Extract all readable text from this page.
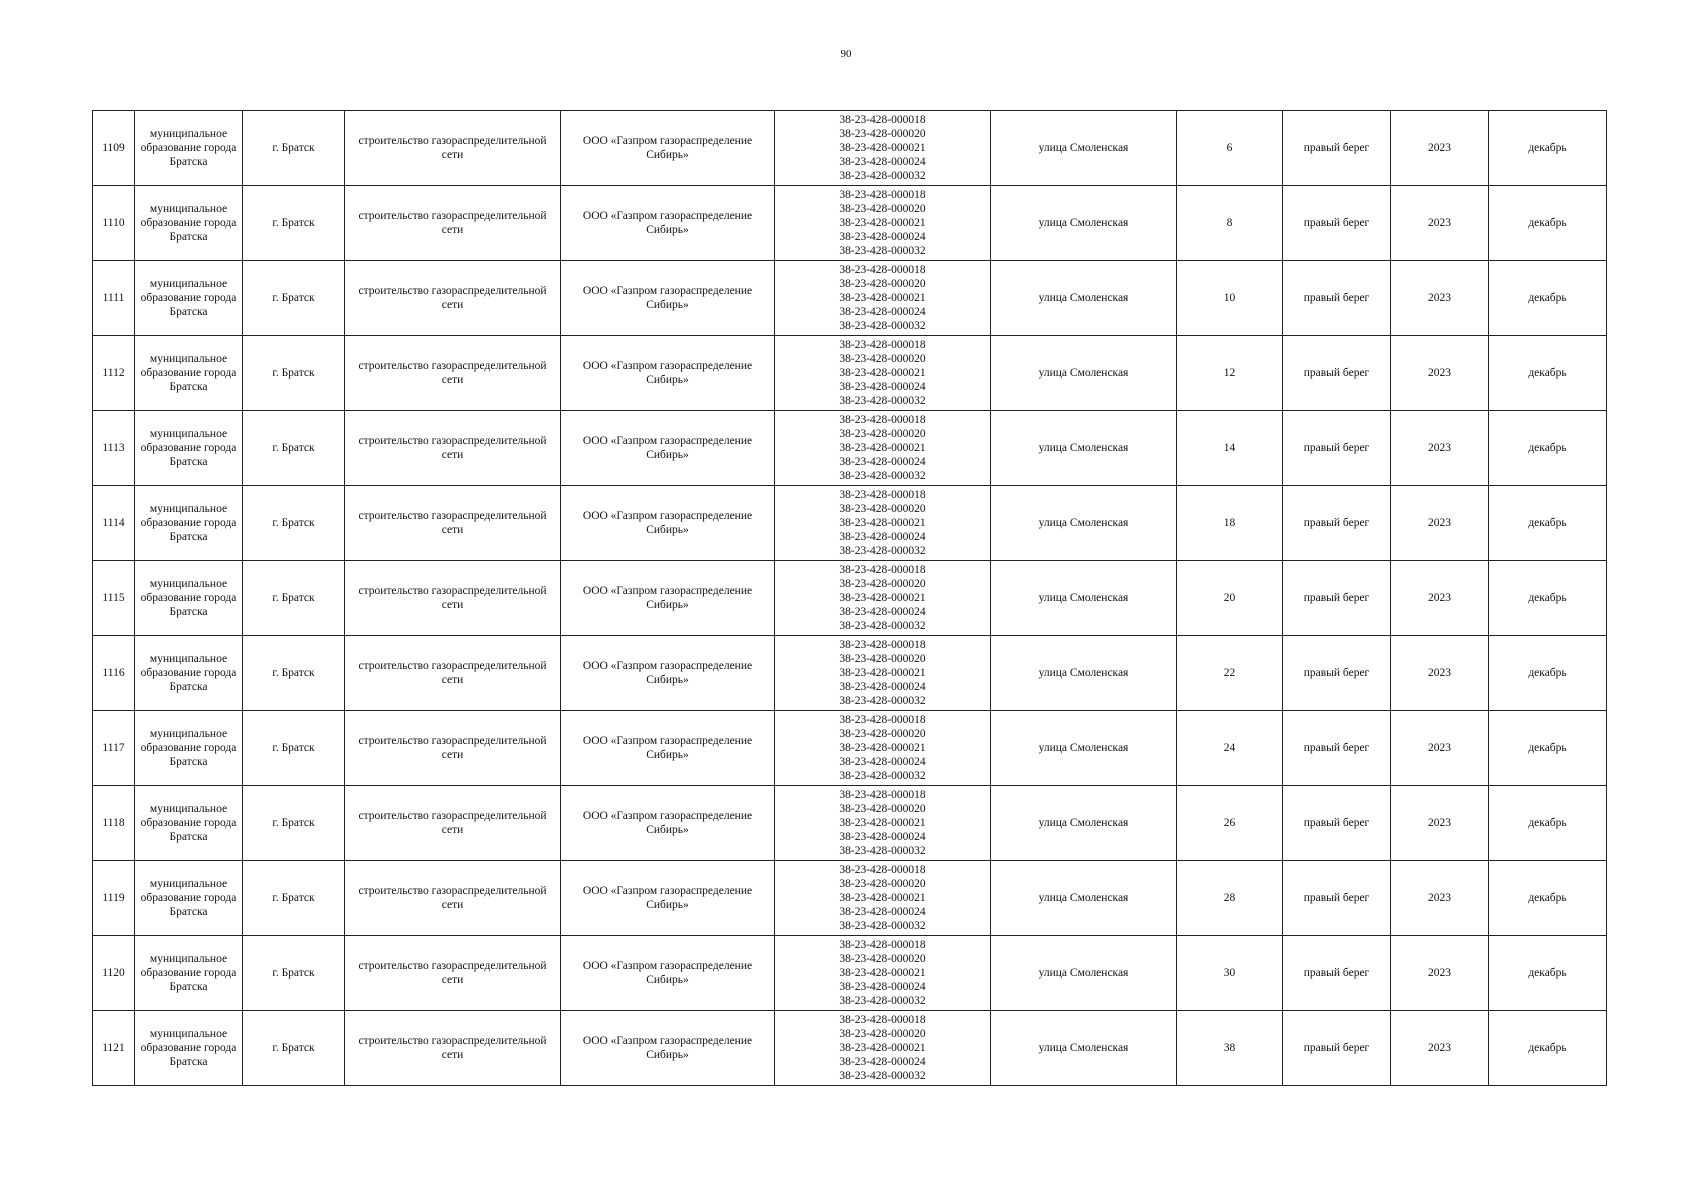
90
1109	муниципальное образование города Братска	г. Братск	строительство газораспределительной сети	ООО «Газпром газораспределение Сибирь»	38-23-428-000018
38-23-428-000020
38-23-428-000021
38-23-428-000024
38-23-428-000032	улица Смоленская	6	правый берег	2023	декабрь
1110	муниципальное образование города Братска	г. Братск	строительство газораспределительной сети	ООО «Газпром газораспределение Сибирь»	38-23-428-000018
38-23-428-000020
38-23-428-000021
38-23-428-000024
38-23-428-000032	улица Смоленская	8	правый берег	2023	декабрь
1111	муниципальное образование города Братска	г. Братск	строительство газораспределительной сети	ООО «Газпром газораспределение Сибирь»	38-23-428-000018
38-23-428-000020
38-23-428-000021
38-23-428-000024
38-23-428-000032	улица Смоленская	10	правый берег	2023	декабрь
1112	муниципальное образование города Братска	г. Братск	строительство газораспределительной сети	ООО «Газпром газораспределение Сибирь»	38-23-428-000018
38-23-428-000020
38-23-428-000021
38-23-428-000024
38-23-428-000032	улица Смоленская	12	правый берег	2023	декабрь
1113	муниципальное образование города Братска	г. Братск	строительство газораспределительной сети	ООО «Газпром газораспределение Сибирь»	38-23-428-000018
38-23-428-000020
38-23-428-000021
38-23-428-000024
38-23-428-000032	улица Смоленская	14	правый берег	2023	декабрь
1114	муниципальное образование города Братска	г. Братск	строительство газораспределительной сети	ООО «Газпром газораспределение Сибирь»	38-23-428-000018
38-23-428-000020
38-23-428-000021
38-23-428-000024
38-23-428-000032	улица Смоленская	18	правый берег	2023	декабрь
1115	муниципальное образование города Братска	г. Братск	строительство газораспределительной сети	ООО «Газпром газораспределение Сибирь»	38-23-428-000018
38-23-428-000020
38-23-428-000021
38-23-428-000024
38-23-428-000032	улица Смоленская	20	правый берег	2023	декабрь
1116	муниципальное образование города Братска	г. Братск	строительство газораспределительной сети	ООО «Газпром газораспределение Сибирь»	38-23-428-000018
38-23-428-000020
38-23-428-000021
38-23-428-000024
38-23-428-000032	улица Смоленская	22	правый берег	2023	декабрь
1117	муниципальное образование города Братска	г. Братск	строительство газораспределительной сети	ООО «Газпром газораспределение Сибирь»	38-23-428-000018
38-23-428-000020
38-23-428-000021
38-23-428-000024
38-23-428-000032	улица Смоленская	24	правый берег	2023	декабрь
1118	муниципальное образование города Братска	г. Братск	строительство газораспределительной сети	ООО «Газпром газораспределение Сибирь»	38-23-428-000018
38-23-428-000020
38-23-428-000021
38-23-428-000024
38-23-428-000032	улица Смоленская	26	правый берег	2023	декабрь
1119	муниципальное образование города Братска	г. Братск	строительство газораспределительной сети	ООО «Газпром газораспределение Сибирь»	38-23-428-000018
38-23-428-000020
38-23-428-000021
38-23-428-000024
38-23-428-000032	улица Смоленская	28	правый берег	2023	декабрь
1120	муниципальное образование города Братска	г. Братск	строительство газораспределительной сети	ООО «Газпром газораспределение Сибирь»	38-23-428-000018
38-23-428-000020
38-23-428-000021
38-23-428-000024
38-23-428-000032	улица Смоленская	30	правый берег	2023	декабрь
1121	муниципальное образование города Братска	г. Братск	строительство газораспределительной сети	ООО «Газпром газораспределение Сибирь»	38-23-428-000018
38-23-428-000020
38-23-428-000021
38-23-428-000024
38-23-428-000032	улица Смоленская	38	правый берег	2023	декабрь
